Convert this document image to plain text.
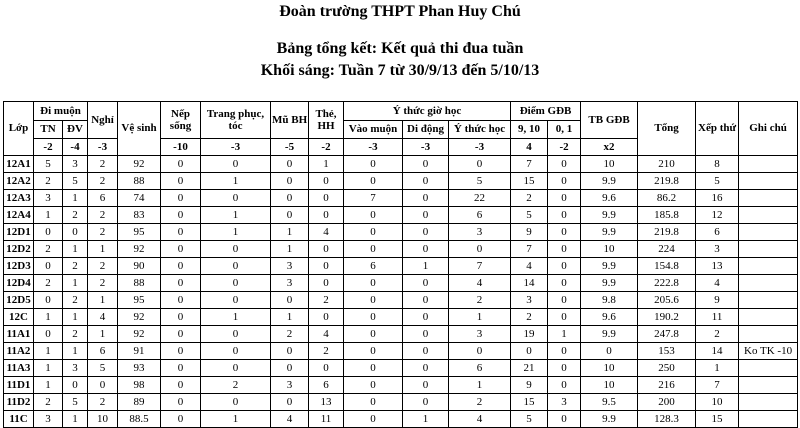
Đoàn trường THPT Phan Huy Chú
Bảng tổng kết: Kết quả thi đua tuần
Khối sáng: Tuần 7 từ 30/9/13 đến 5/10/13
Lớp	Đi muộn		Nghỉ	Vệ sinh	Nếp sống	Trang phục, tóc	Mũ BH	Thẻ, HH	Ý thức giờ học			Điểm GĐB		TB GĐB	Tổng	Xếp thứ	Ghi chú
	TN	ĐV							Vào muộn	Di động	Ý thức học	9, 10	0, 1				
	-2	-4	-3		-10	-3	-5	-2	-3	-3	-3	4	-2	x2			
12A1	5	3	2	92	0	0	0	1	0	0	0	7	0	10	210	8	
12A2	2	5	2	88	0	1	0	0	0	0	5	15	0	9.9	219.8	5	
12A3	3	1	6	74	0	0	0	0	7	0	22	2	0	9.6	86.2	16	
12A4	1	2	2	83	0	1	0	0	0	0	6	5	0	9.9	185.8	12	
12D1	0	0	2	95	0	1	1	4	0	0	3	9	0	9.9	219.8	6	
12D2	2	1	1	92	0	0	1	0	0	0	0	7	0	10	224	3	
12D3	0	2	2	90	0	0	3	0	6	1	7	4	0	9.9	154.8	13	
12D4	2	1	2	88	0	0	3	0	0	0	4	14	0	9.9	222.8	4	
12D5	0	2	1	95	0	0	0	2	0	0	2	3	0	9.8	205.6	9	
12C	1	1	4	92	0	1	1	0	0	0	1	2	0	9.6	190.2	11	
11A1	0	2	1	92	0	0	2	4	0	0	3	19	1	9.9	247.8	2	
11A2	1	1	6	91	0	0	0	2	0	0	0	0	0	0	153	14	Ko TK -10
11A3	1	3	5	93	0	0	0	0	0	0	6	21	0	10	250	1	
11D1	1	0	0	98	0	2	3	6	0	0	1	9	0	10	216	7	
11D2	2	5	2	89	0	0	0	13	0	0	2	15	3	9.5	200	10	
11C	3	1	10	88.5	0	1	4	11	0	1	4	5	0	9.9	128.3	15	
